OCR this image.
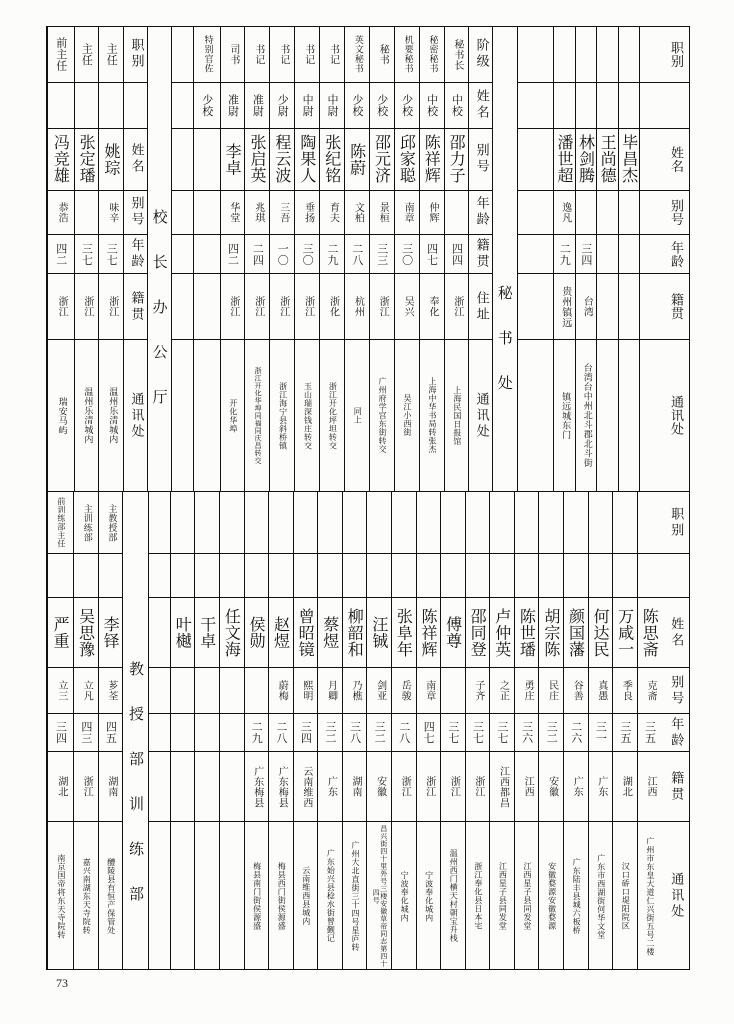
职别
姓名
别号
年龄
籍贯
通讯处
毕昌杰
王尚德
林剑腾
三四
台湾
台湾台中州北斗郡北斗街
潘世超
逸凡
二九
贵州镇远
镇远城东门
秘 书 处
阶级
姓名
别号
年龄
籍贯
住址
通讯处
秘书长
中校
邵力子
四四
浙江
上海民国日报馆
秘密秘书
中校
陈祥辉
仲辉
四七
奉化
上海中华书局转张杰
机要秘书
少校
邱家聪
南章
三〇
吴兴
吴江小西街
秘书
少校
邵元济
景桓
三三
浙江
广州府学宫东街转交
英文秘书
少校
陈蔚
文柏
二八
杭州
同上
书记
中尉
张纪铭
育夫
二九
浙化
浙江开化坪坦转交
书记
中尉
陶果人
垂扬
三〇
浙江
玉山瑞深钱庄转交
书记
少尉
程云波
三吾
一〇
浙江
浙江海宁县斜桥镇
书记
准尉
张启英
兆琪
二四
浙江
浙江开化华埠同福同庆昌转交
司书
准尉
李卓
华堂
四二
浙江
开化华埠
特别官佐
少校
校 长 办 公 厅
职别
姓名
别号
年龄
籍贯
通讯处
主任
姚琮
味辛
三七
浙江
温州乐清城内
主任
张定璠
三七
浙江
温州乐清城内
前主任
冯竞雄
恭浩
四二
浙江
瑞安马屿
职别
姓名
别号
年龄
籍贯
通讯处
陈思斋
克斋
三五
江西
广州市东皇大道仁兴街五号二楼
万咸一
季良
三五
湖北
汉口硚口堤阳院区
何达民
真愚
三一
广东
广东市西湖街何华文堂
颜国藩
谷善
二六
广东
广东陆丰县城六板桥
胡宗陈
民庄
三二
安徽
安徽婺源安徽婺源
陈世璠
勇庄
三六
江西
江西星子县同发堂
卢仲英
之正
三七
江西都昌
江西星子县同发堂
邵同登
子齐
三七
浙江
浙江奉化县日本宅
傅尊
三七
浙江
温州西门横天村朝宝升栈
陈祥辉
南章
四七
浙江
宁波奉化城内
张阜年
岳骏
二八
浙江
宁波奉化城内
汪铖
剑亚
三二
安徽
昌兴街四十里外号三楼安徽草帝同志第四十四号
柳韶和
乃樵
三八
湖南
广州大北直街三十四号星庐转
蔡煜
月卿
三二
广东
广东始兴县稔水街曾觐记
曾昭镜
熙明
三四
云南维西
云南维西县城内
赵煜
蔚梅
二八
广东梅县
梅县西门街侯源盛
侯勋
二九
广东梅县
梅县南门街侯源盛
任文海
干卓
叶樾
教 授 部 训 练 部
主教授部
李铎
芗荃
四五
湖南
醴陵县有恒产保管处
主训练部
吴思豫
立凡
四三
浙江
嘉兴南湖东天寺院转
前训练部主任
严重
立三
三四
湖北
南京国帝将东天寺院转
73
